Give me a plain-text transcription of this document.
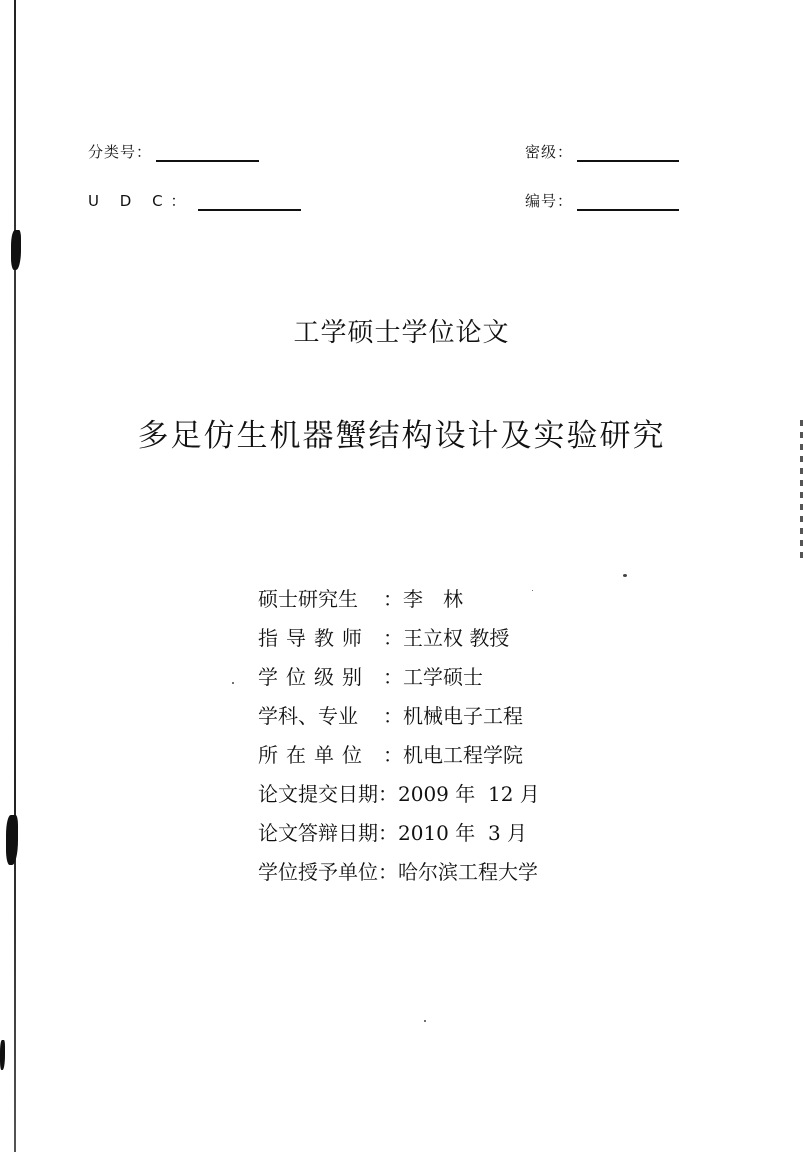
分类号：	密级：
U D C：	编号：
工学硕士学位论文
多足仿生机器蟹结构设计及实验研究
硕士研究生	： 李　林
指导教师 ： 王立权 教授
学位级别 ： 工学硕士
学科、专业	： 机械电子工程
所在单位 ： 机电工程学院
论文提交日期 ： 2009 年  12 月
论文答辩日期 ： 2010 年  3 月
学位授予单位 ： 哈尔滨工程大学
